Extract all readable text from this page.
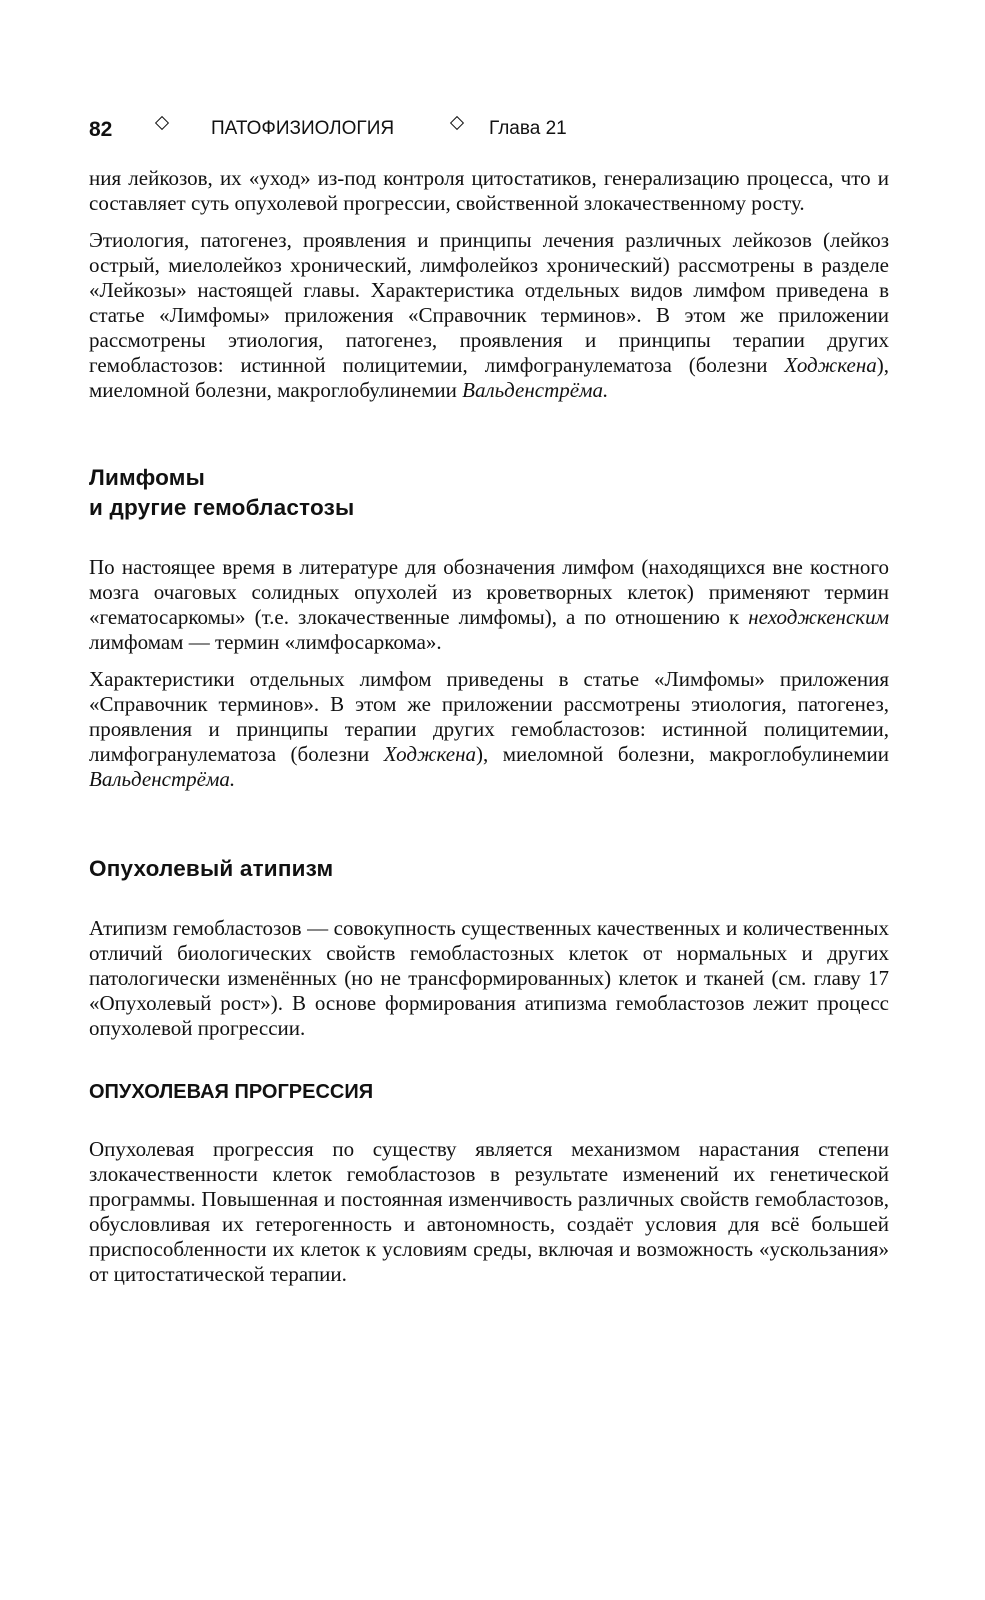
82	ПАТОФИЗИОЛОГИЯ	Глава 21

ния лейкозов, их «уход» из-под контроля цитостатиков, генерализацию процесса, что и составляет суть опухолевой прогрессии, свойственной злокачественному росту.

Этиология, патогенез, проявления и принципы лечения различных лейкозов (лейкоз острый, миелолейкоз хронический, лимфолейкоз хронический) рассмотрены в разделе «Лейкозы» настоящей главы. Характеристика отдельных видов лимфом приведена в статье «Лимфомы» приложения «Справочник терминов». В этом же приложении рассмотрены этиология, патогенез, проявления и принципы терапии других гемобластозов: истинной полицитемии, лимфогранулематоза (болезни Ходжкена), миеломной болезни, макроглобулинемии Вальденстрёма.

Лимфомы
и другие гемобластозы

По настоящее время в литературе для обозначения лимфом (находящихся вне костного мозга очаговых солидных опухолей из кроветворных клеток) применяют термин «гематосаркомы» (т.е. злокачественные лимфомы), а по отношению к неходжкенским лимфомам — термин «лимфосаркома».

Характеристики отдельных лимфом приведены в статье «Лимфомы» приложения «Справочник терминов». В этом же приложении рассмотрены этиология, патогенез, проявления и принципы терапии других гемобластозов: истинной полицитемии, лимфогранулематоза (болезни Ходжкена), миеломной болезни, макроглобулинемии Вальденстрёма.

Опухолевый атипизм

Атипизм гемобластозов — совокупность существенных качественных и количественных отличий биологических свойств гемобластозных клеток от нормальных и других патологически изменённых (но не трансформированных) клеток и тканей (см. главу 17 «Опухолевый рост»). В основе формирования атипизма гемобластозов лежит процесс опухолевой прогрессии.

ОПУХОЛЕВАЯ ПРОГРЕССИЯ

Опухолевая прогрессия по существу является механизмом нарастания степени злокачественности клеток гемобластозов в результате изменений их генетической программы. Повышенная и постоянная изменчивость различных свойств гемобластозов, обусловливая их гетерогенность и автономность, создаёт условия для всё большей приспособленности их клеток к условиям среды, включая и возможность «ускользания» от цитостатической терапии.
